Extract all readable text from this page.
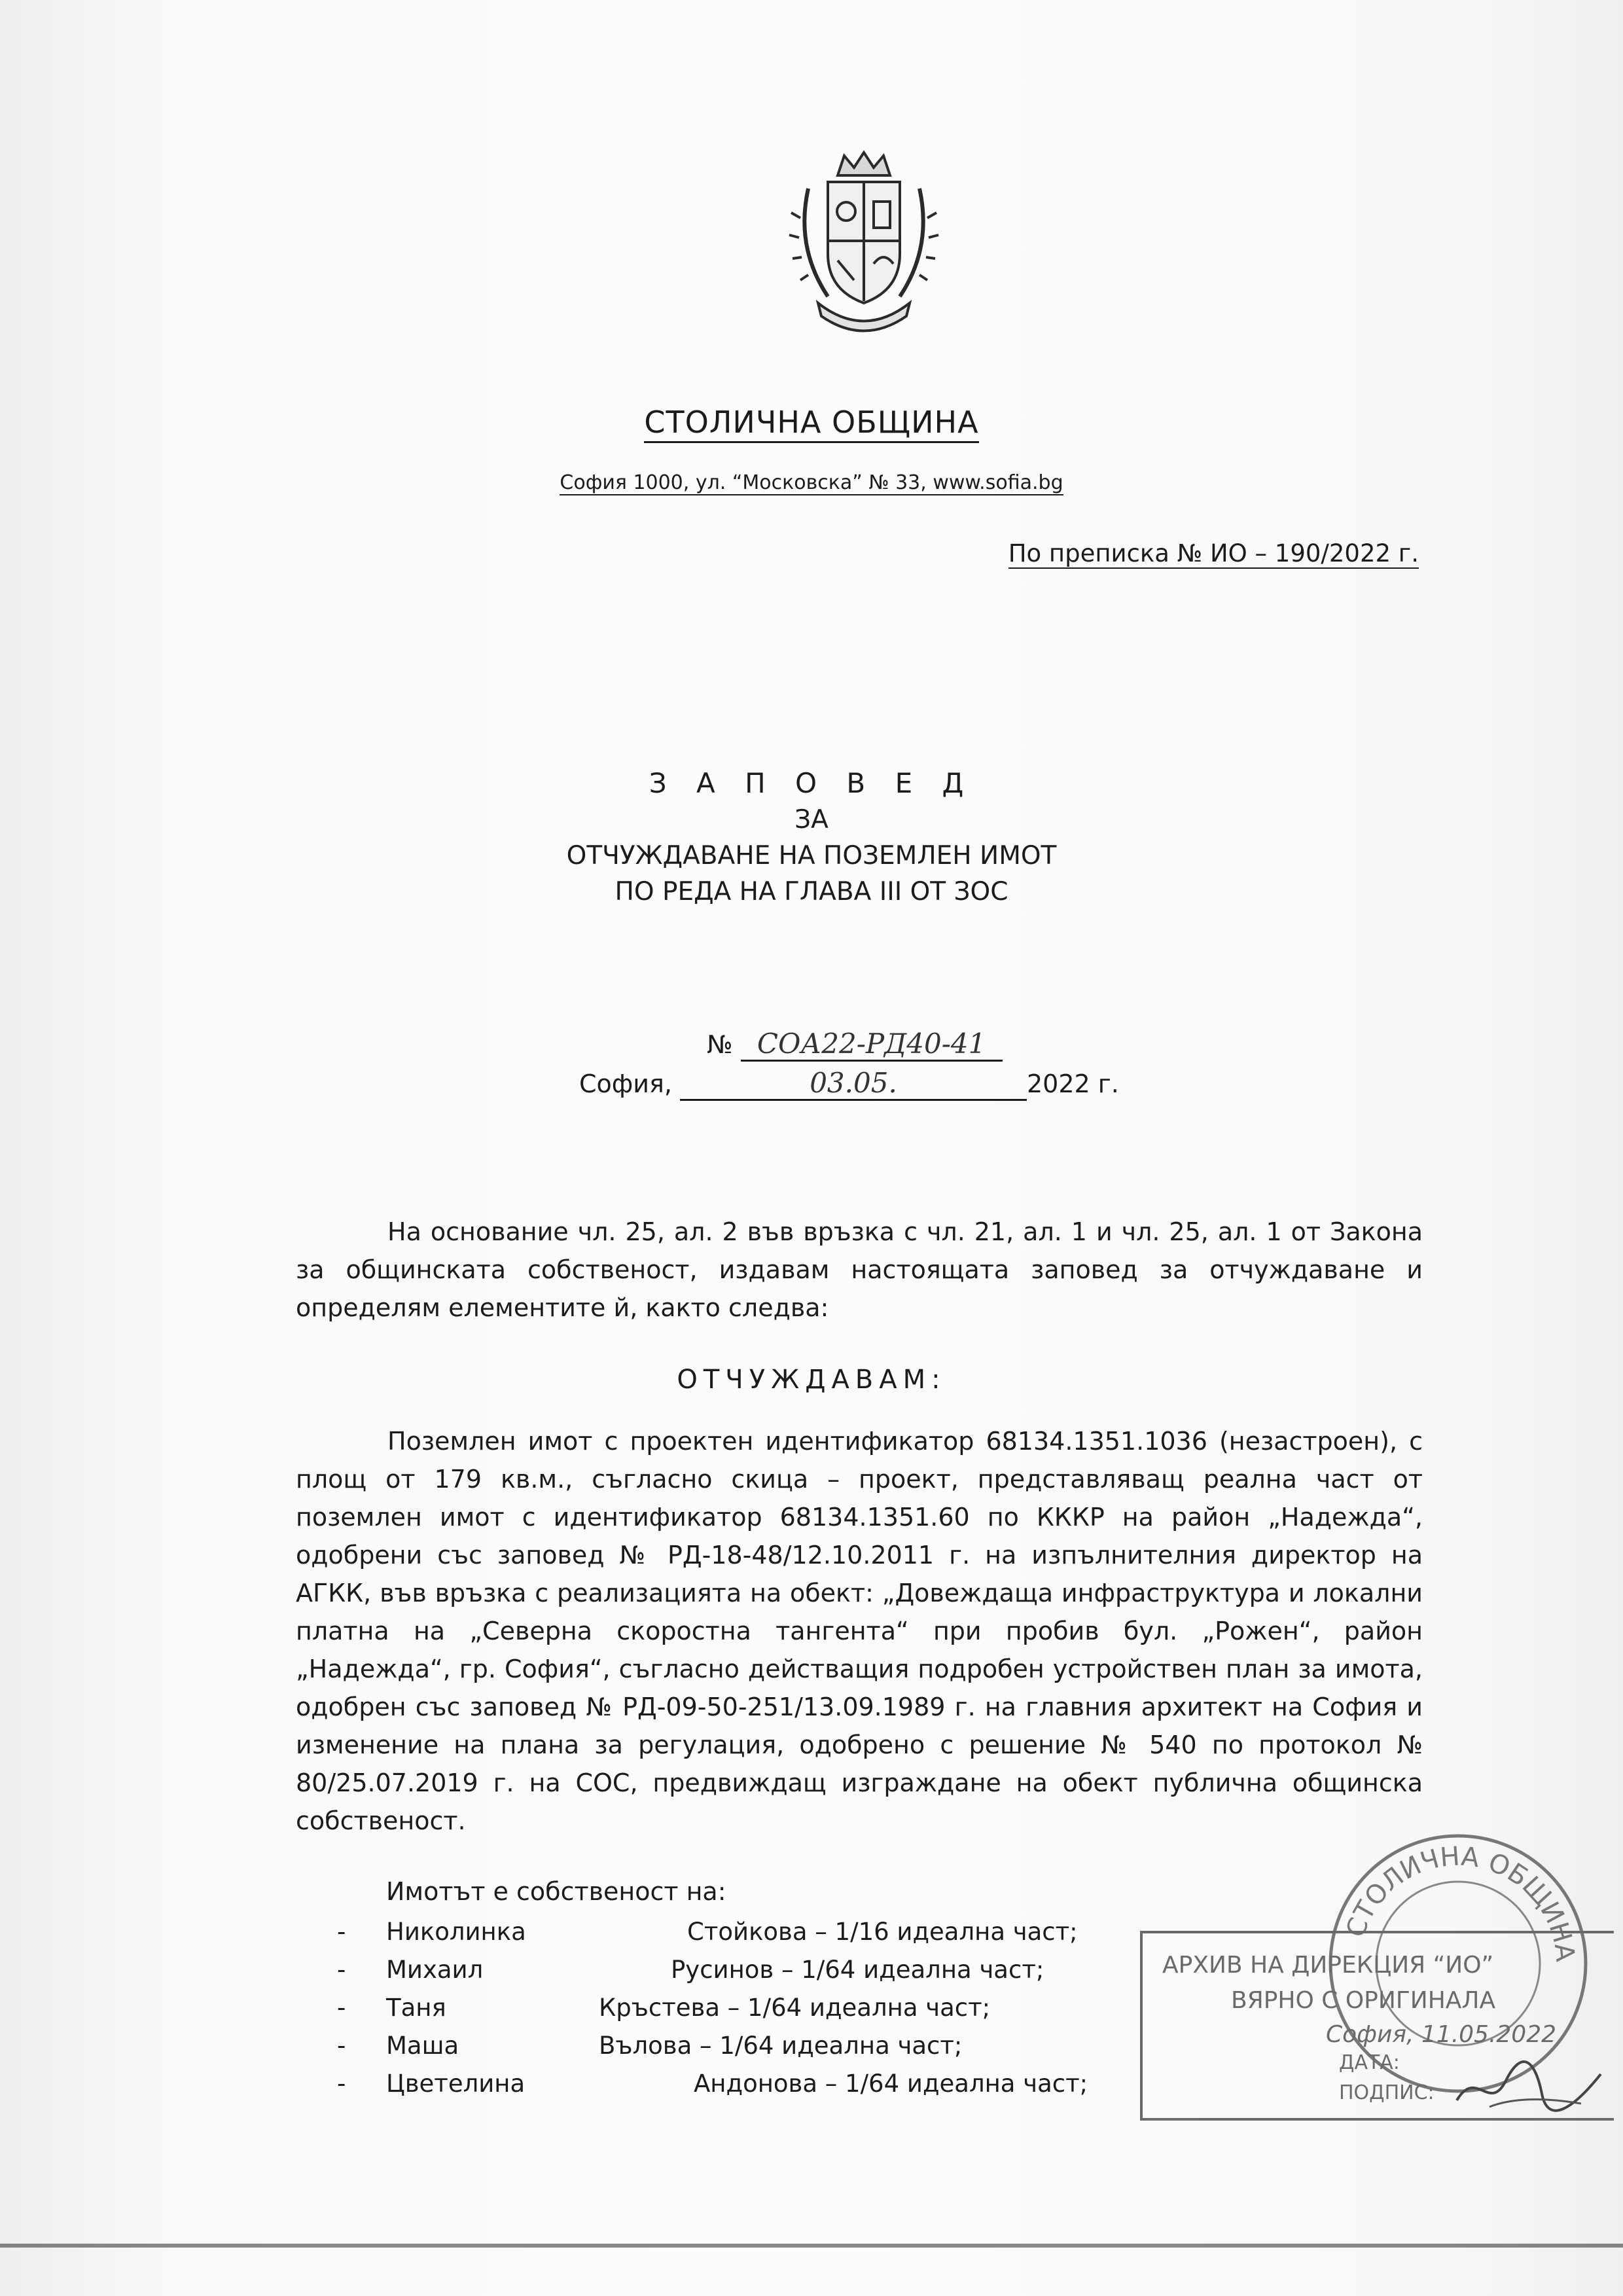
СТОЛИЧНА ОБЩИНА
София 1000, ул. “Московска” № 33, www.sofia.bg
По преписка № ИО – 190/2022 г.
З А П О В Е Д
ЗА
ОТЧУЖДАВАНЕ НА ПОЗЕМЛЕН ИМОТ
ПО РЕДА НА ГЛАВА III ОТ ЗОС
№ СОА22-РД40-41
София,	03.05.	2022 г.
На основание чл. 25, ал. 2 във връзка с чл. 21, ал. 1 и чл. 25, ал. 1 от Закона за общинската собственост, издавам настоящата заповед за отчуждаване и определям елементите й, както следва:
ОТЧУЖДАВАМ:
Поземлен имот с проектен идентификатор 68134.1351.1036 (незастроен), с площ от 179 кв.м., съгласно скица – проект, представляващ реална част от поземлен имот с идентификатор 68134.1351.60 по КККР на район „Надежда“, одобрени със заповед № РД-18-48/12.10.2011 г. на изпълнителния директор на АГКК, във връзка с реализацията на обект: „Довеждаща инфраструктура и локални платна на „Северна скоростна тангента“ при пробив бул. „Рожен“, район „Надежда“, гр. София“, съгласно действащия подробен устройствен план за имота, одобрен със заповед № РД-09-50-251/13.09.1989 г. на главния архитект на София и изменение на плана за регулация, одобрено с решение № 540 по протокол № 80/25.07.2019 г. на СОС, предвиждащ изграждане на обект публична общинска собственост.
Имотът е собственост на:
- Николинка	Стойкова – 1/16 идеална част;
- Михаил	Русинов – 1/64 идеална част;
- Таня	Кръстева – 1/64 идеална част;
- Маша	Вълова – 1/64 идеална част;
- Цветелина	Андонова – 1/64 идеална част;
СТОЛИЧНА ОБЩИНА
АРХИВ НА ДИРЕКЦИЯ “ИО”
ВЯРНО С ОРИГИНАЛА
София, 11.05.2022
ДАТА:
ПОДПИС:
